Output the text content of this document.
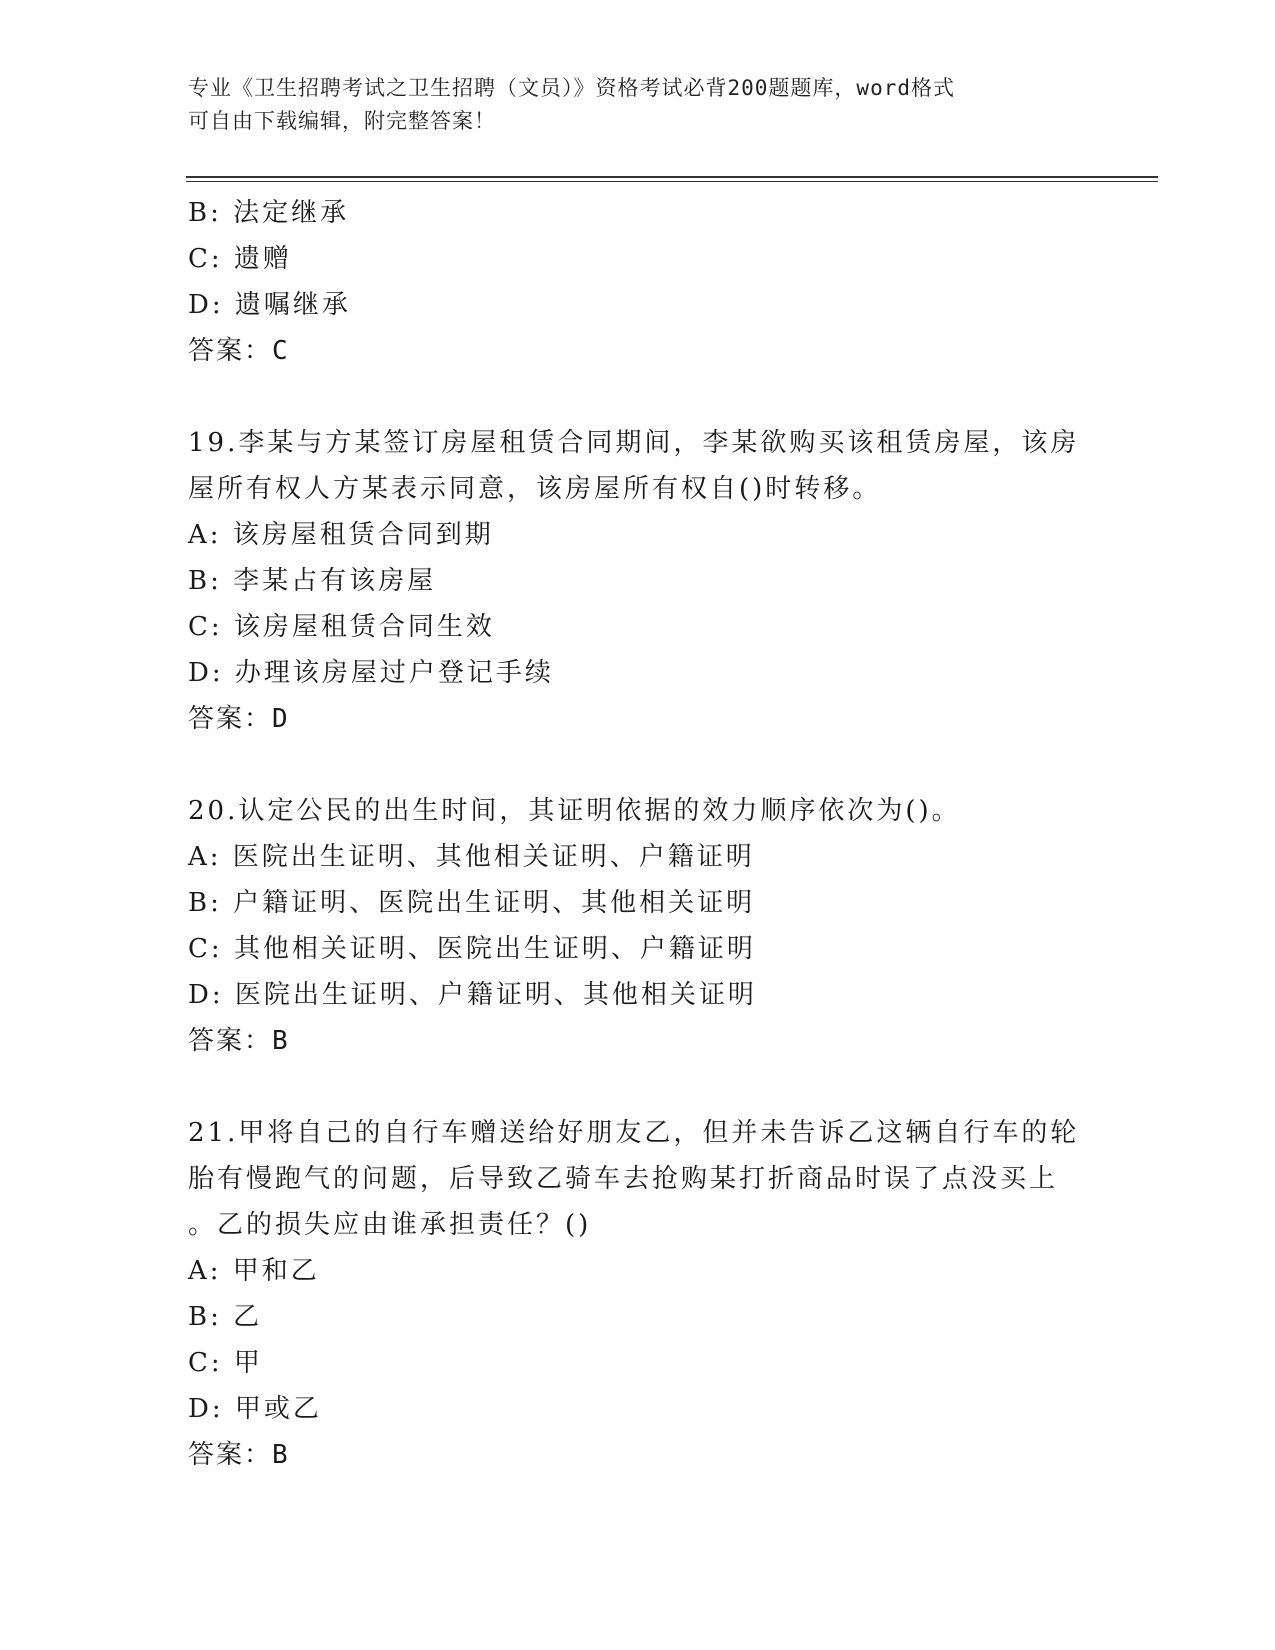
专业《卫生招聘考试之卫生招聘（文员）》资格考试必背200题题库，word格式
可自由下载编辑，附完整答案！
B: 法定继承
C: 遗赠
D: 遗嘱继承
答案：C
19.李某与方某签订房屋租赁合同期间，李某欲购买该租赁房屋，该房
屋所有权人方某表示同意，该房屋所有权自()时转移。
A: 该房屋租赁合同到期
B: 李某占有该房屋
C: 该房屋租赁合同生效
D: 办理该房屋过户登记手续
答案：D
20.认定公民的出生时间，其证明依据的效力顺序依次为()。
A: 医院出生证明、其他相关证明、户籍证明
B: 户籍证明、医院出生证明、其他相关证明
C: 其他相关证明、医院出生证明、户籍证明
D: 医院出生证明、户籍证明、其他相关证明
答案：B
21.甲将自己的自行车赠送给好朋友乙，但并未告诉乙这辆自行车的轮
胎有慢跑气的问题，后导致乙骑车去抢购某打折商品时误了点没买上
。乙的损失应由谁承担责任？()
A: 甲和乙
B: 乙
C: 甲
D: 甲或乙
答案：B
